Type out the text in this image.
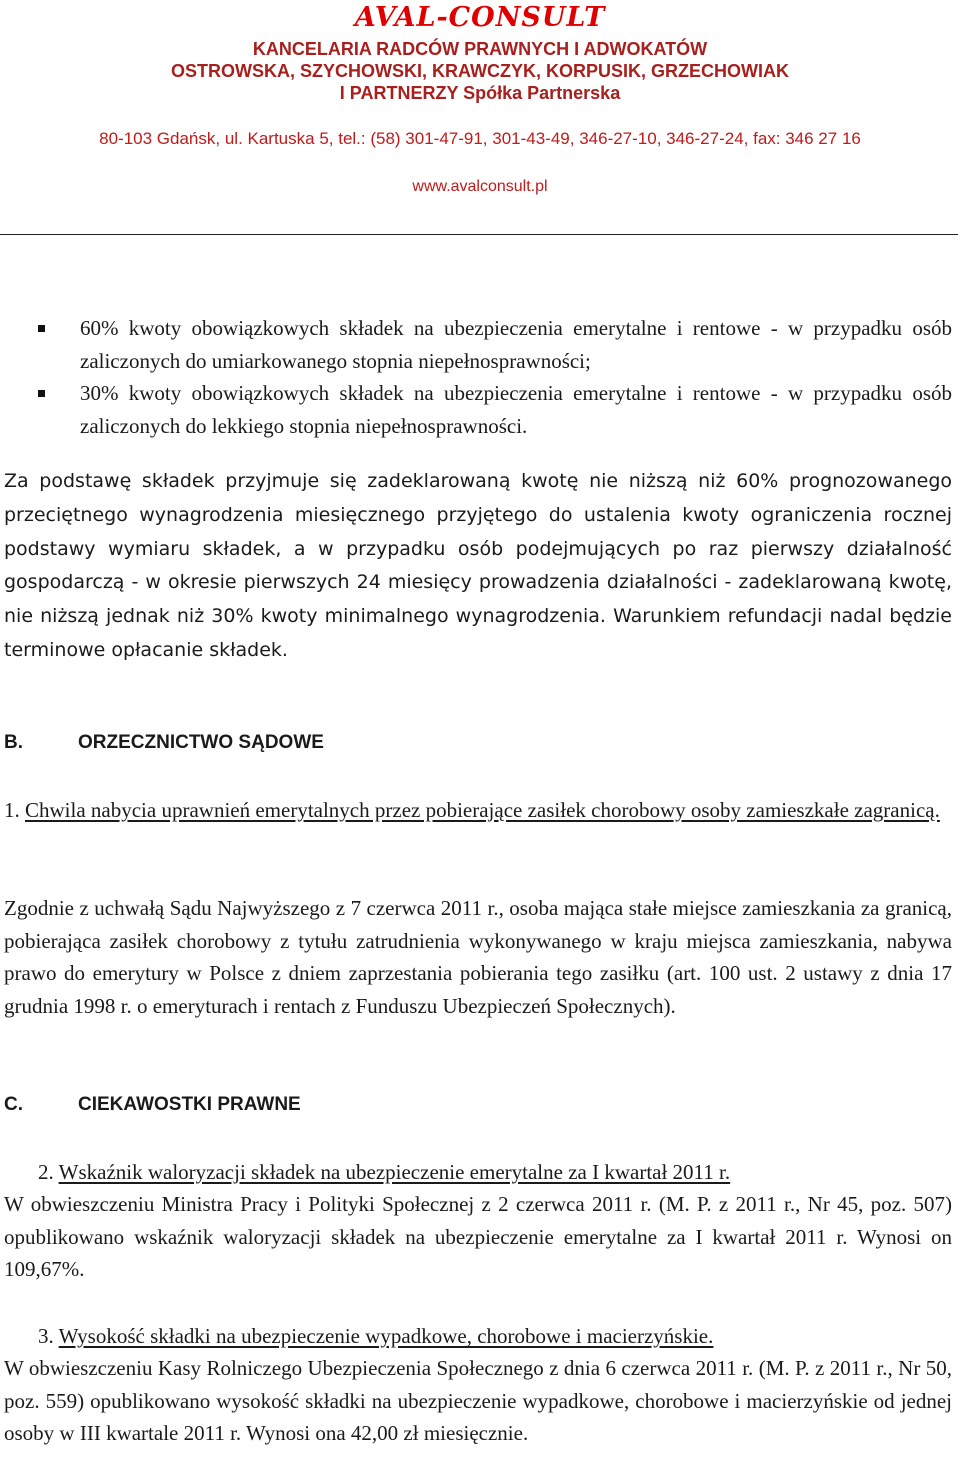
AVAL-CONSULT
KANCELARIA RADCÓW PRAWNYCH I ADWOKATÓW
OSTROWSKA, SZYCHOWSKI, KRAWCZYK, KORPUSIK, GRZECHOWIAK
I PARTNERZY Spółka Partnerska
80-103 Gdańsk, ul. Kartuska 5, tel.: (58) 301-47-91, 301-43-49, 346-27-10, 346-27-24, fax: 346 27 16
www.avalconsult.pl
60% kwoty obowiązkowych składek na ubezpieczenia emerytalne i rentowe - w przypadku osób zaliczonych do umiarkowanego stopnia niepełnosprawności;
30% kwoty obowiązkowych składek na ubezpieczenia emerytalne i rentowe - w przypadku osób zaliczonych do lekkiego stopnia niepełnosprawności.
Za podstawę składek przyjmuje się zadeklarowaną kwotę nie niższą niż 60% prognozowanego przeciętnego wynagrodzenia miesięcznego przyjętego do ustalenia kwoty ograniczenia rocznej podstawy wymiaru składek, a w przypadku osób podejmujących po raz pierwszy działalność gospodarczą - w okresie pierwszych 24 miesięcy prowadzenia działalności - zadeklarowaną kwotę, nie niższą jednak niż 30% kwoty minimalnego wynagrodzenia. Warunkiem refundacji nadal będzie terminowe opłacanie składek.
B.	ORZECZNICTWO SĄDOWE
1. Chwila nabycia uprawnień emerytalnych przez pobierające zasiłek chorobowy osoby zamieszkałe zagranicą.
Zgodnie z uchwałą Sądu Najwyższego z 7 czerwca 2011 r., osoba mająca stałe miejsce zamieszkania za granicą, pobierająca zasiłek chorobowy z tytułu zatrudnienia wykonywanego w kraju miejsca zamieszkania, nabywa prawo do emerytury w Polsce z dniem zaprzestania pobierania tego zasiłku (art. 100 ust. 2 ustawy z dnia 17 grudnia 1998 r. o emeryturach i rentach z Funduszu Ubezpieczeń Społecznych).
C.	CIEKAWOSTKI PRAWNE
2. Wskaźnik waloryzacji składek na ubezpieczenie emerytalne za I kwartał 2011 r.
W obwieszczeniu Ministra Pracy i Polityki Społecznej z 2 czerwca 2011 r. (M. P. z 2011 r., Nr 45, poz. 507) opublikowano wskaźnik waloryzacji składek na ubezpieczenie emerytalne za I kwartał 2011 r. Wynosi on 109,67%.
3. Wysokość składki na ubezpieczenie wypadkowe, chorobowe i macierzyńskie.
W obwieszczeniu Kasy Rolniczego Ubezpieczenia Społecznego z dnia 6 czerwca 2011 r. (M. P. z 2011 r., Nr 50, poz. 559) opublikowano wysokość składki na ubezpieczenie wypadkowe, chorobowe i macierzyńskie od jednej osoby w III kwartale 2011 r. Wynosi ona 42,00 zł miesięcznie.
